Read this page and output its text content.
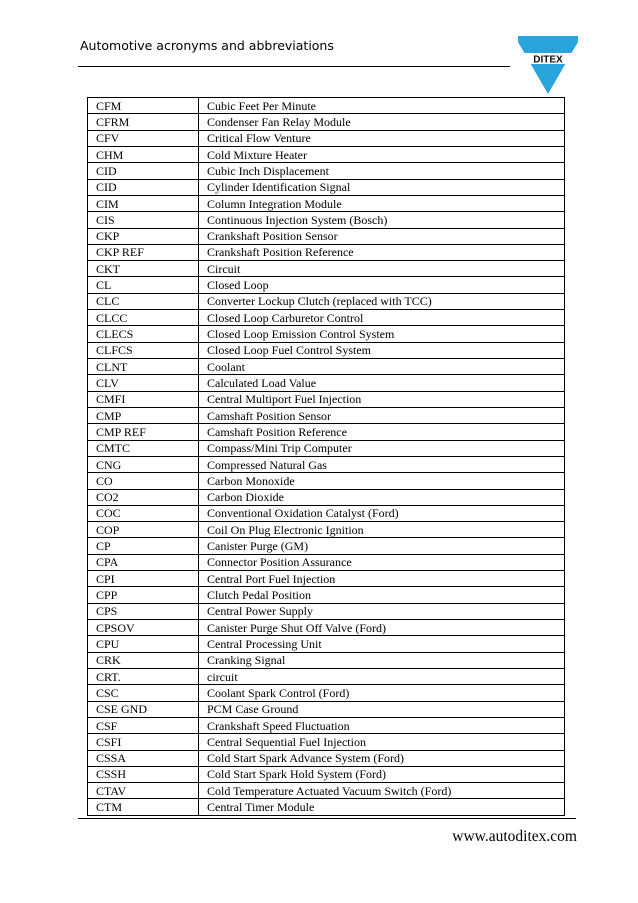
Automotive acronyms and abbreviations
DITEX
CFM	Cubic Feet Per Minute
CFRM	Condenser Fan Relay Module
CFV	Critical Flow Venture
CHM	Cold Mixture Heater
CID	Cubic Inch Displacement
CID	Cylinder Identification Signal
CIM	Column Integration Module
CIS	Continuous Injection System (Bosch)
CKP	Crankshaft Position Sensor
CKP REF	Crankshaft Position Reference
CKT	Circuit
CL	Closed Loop
CLC	Converter Lockup Clutch (replaced with TCC)
CLCC	Closed Loop Carburetor Control
CLECS	Closed Loop Emission Control System
CLFCS	Closed Loop Fuel Control System
CLNT	Coolant
CLV	Calculated Load Value
CMFI	Central Multiport Fuel Injection
CMP	Camshaft Position Sensor
CMP REF	Camshaft Position Reference
CMTC	Compass/Mini Trip Computer
CNG	Compressed Natural Gas
CO	Carbon Monoxide
CO2	Carbon Dioxide
COC	Conventional Oxidation Catalyst (Ford)
COP	Coil On Plug Electronic Ignition
CP	Canister Purge (GM)
CPA	Connector Position Assurance
CPI	Central Port Fuel Injection
CPP	Clutch Pedal Position
CPS	Central Power Supply
CPSOV	Canister Purge Shut Off Valve (Ford)
CPU	Central Processing Unit
CRK	Cranking Signal
CRT.	circuit
CSC	Coolant Spark Control (Ford)
CSE GND	PCM Case Ground
CSF	Crankshaft Speed Fluctuation
CSFI	Central Sequential Fuel Injection
CSSA	Cold Start Spark Advance System (Ford)
CSSH	Cold Start Spark Hold System (Ford)
CTAV	Cold Temperature Actuated Vacuum Switch (Ford)
CTM	Central Timer Module
www.autoditex.com
